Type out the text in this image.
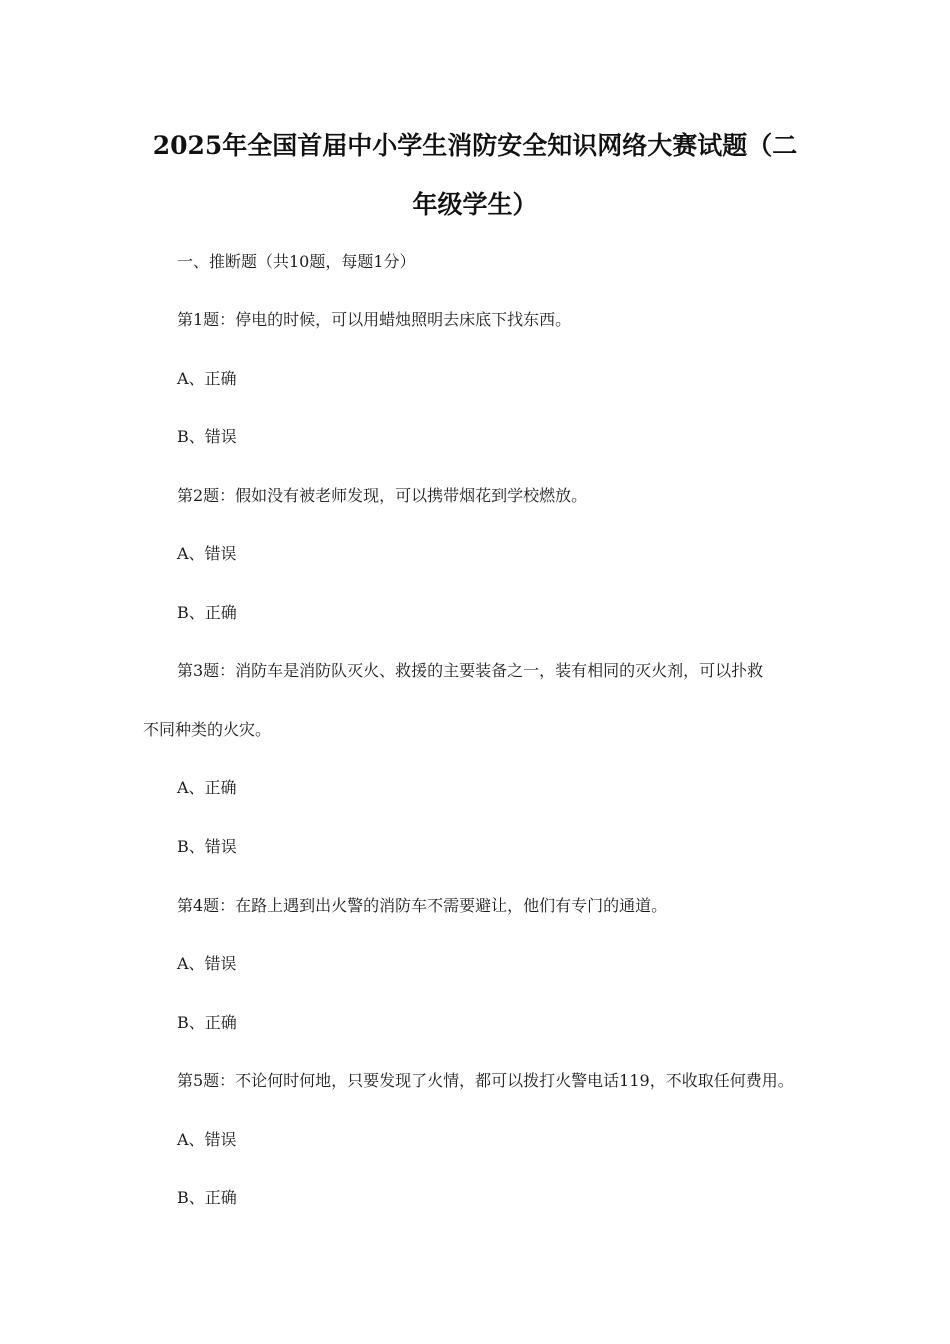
2025年全国首届中小学生消防安全知识网络大赛试题（二
年级学生）
一、推断题（共10题，每题1分）
第1题：停电的时候，可以用蜡烛照明去床底下找东西。
A、正确
B、错误
第2题：假如没有被老师发现，可以携带烟花到学校燃放。
A、错误
B、正确
第3题：消防车是消防队灭火、救援的主要装备之一，装有相同的灭火剂，可以扑救
不同种类的火灾。
A、正确
B、错误
第4题：在路上遇到出火警的消防车不需要避让，他们有专门的通道。
A、错误
B、正确
第5题：不论何时何地，只要发现了火情，都可以拨打火警电话119，不收取任何费用。
A、错误
B、正确
